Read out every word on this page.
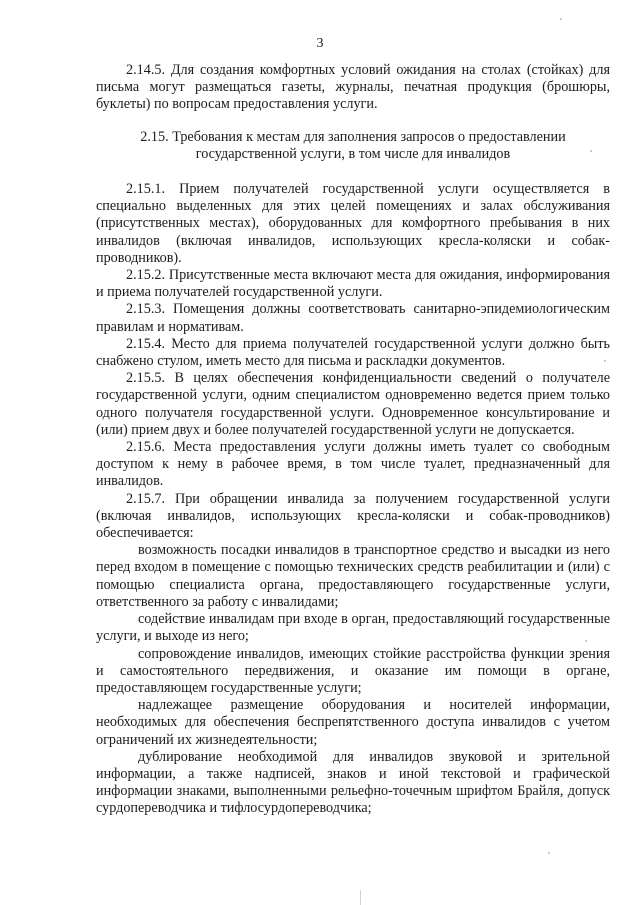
3

2.14.5. Для создания комфортных условий ожидания на столах (стойках) для письма могут размещаться газеты, журналы, печатная продукция (брошюры, буклеты) по вопросам предоставления услуги.

2.15. Требования к местам для заполнения запросов о предоставлении государственной услуги, в том числе для инвалидов

2.15.1. Прием получателей государственной услуги осуществляется в специально выделенных для этих целей помещениях и залах обслуживания (присутственных местах), оборудованных для комфортного пребывания в них инвалидов (включая инвалидов, использующих кресла-коляски и собак-проводников).

2.15.2. Присутственные места включают места для ожидания, информирования и приема получателей государственной услуги.

2.15.3. Помещения должны соответствовать санитарно-эпидемиологическим правилам и нормативам.

2.15.4. Место для приема получателей государственной услуги должно быть снабжено стулом, иметь место для письма и раскладки документов.

2.15.5. В целях обеспечения конфиденциальности сведений о получателе государственной услуги, одним специалистом одновременно ведется прием только одного получателя государственной услуги. Одновременное консультирование и (или) прием двух и более получателей государственной услуги не допускается.

2.15.6. Места предоставления услуги должны иметь туалет со свободным доступом к нему в рабочее время, в том числе туалет, предназначенный для инвалидов.

2.15.7. При обращении инвалида за получением государственной услуги (включая инвалидов, использующих кресла-коляски и собак-проводников) обеспечивается:

возможность посадки инвалидов в транспортное средство и высадки из него перед входом в помещение с помощью технических средств реабилитации и (или) с помощью специалиста органа, предоставляющего государственные услуги, ответственного за работу с инвалидами;

содействие инвалидам при входе в орган, предоставляющий государственные услуги, и выходе из него;

сопровождение инвалидов, имеющих стойкие расстройства функции зрения и самостоятельного передвижения, и оказание им помощи в органе, предоставляющем государственные услуги;

надлежащее размещение оборудования и носителей информации, необходимых для обеспечения беспрепятственного доступа инвалидов с учетом ограничений их жизнедеятельности;

дублирование необходимой для инвалидов звуковой и зрительной информации, а также надписей, знаков и иной текстовой и графической информации знаками, выполненными рельефно-точечным шрифтом Брайля, допуск сурдопереводчика и тифлосурдопереводчика;
